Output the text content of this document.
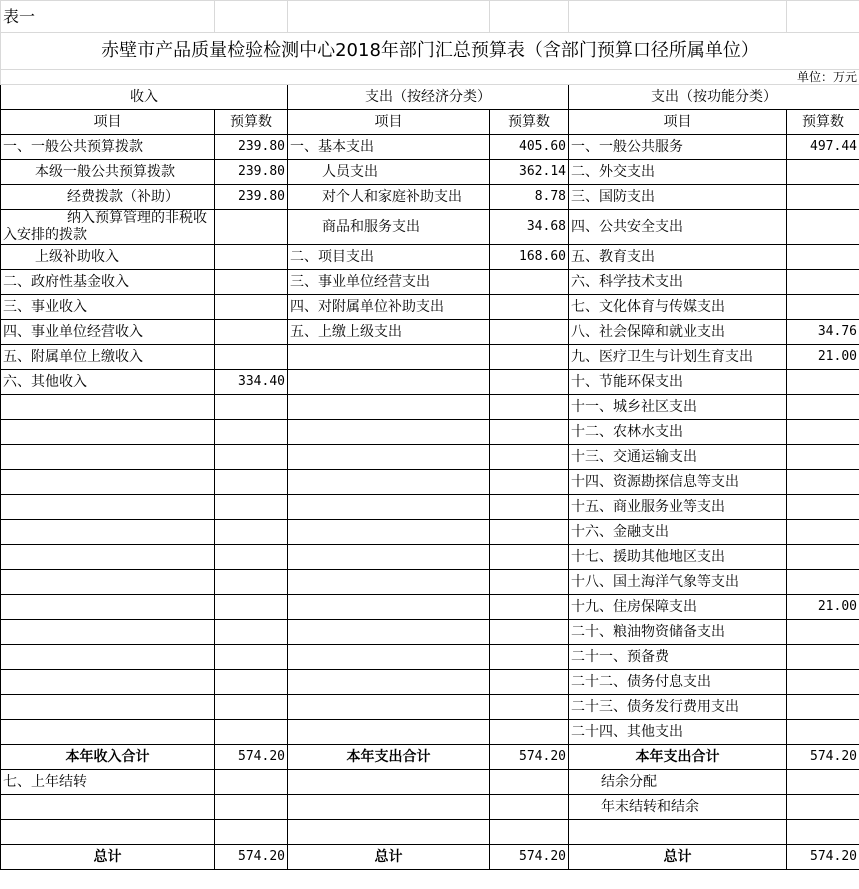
表一					
赤壁市产品质量检验检测中心2018年部门汇总预算表（含部门预算口径所属单位）					
单位：万元					
收入		支出（按经济分类）		支出（按功能分类）	
项目	预算数	项目	预算数	项目	预算数
一、一般公共预算拨款	239.80	一、基本支出	405.60	一、一般公共服务	497.44
本级一般公共预算拨款	239.80	人员支出	362.14	二、外交支出	
经费拨款（补助）	239.80	对个人和家庭补助支出	8.78	三、国防支出	
纳入预算管理的非税收入安排的拨款		商品和服务支出	34.68	四、公共安全支出	
上级补助收入		二、项目支出	168.60	五、教育支出	
二、政府性基金收入		三、事业单位经营支出		六、科学技术支出	
三、事业收入		四、对附属单位补助支出		七、文化体育与传媒支出	
四、事业单位经营收入		五、上缴上级支出		八、社会保障和就业支出	34.76
五、附属单位上缴收入				九、医疗卫生与计划生育支出	21.00
六、其他收入	334.40			十、节能环保支出	
				十一、城乡社区支出	
				十二、农林水支出	
				十三、交通运输支出	
				十四、资源勘探信息等支出	
				十五、商业服务业等支出	
				十六、金融支出	
				十七、援助其他地区支出	
				十八、国土海洋气象等支出	
				十九、住房保障支出	21.00
				二十、粮油物资储备支出	
				二十一、预备费	
				二十二、债务付息支出	
				二十三、债务发行费用支出	
				二十四、其他支出	
本年收入合计	574.20	本年支出合计	574.20	本年支出合计	574.20
七、上年结转				结余分配	
				年末结转和结余	

总计	574.20	总计	574.20	总计	574.20
